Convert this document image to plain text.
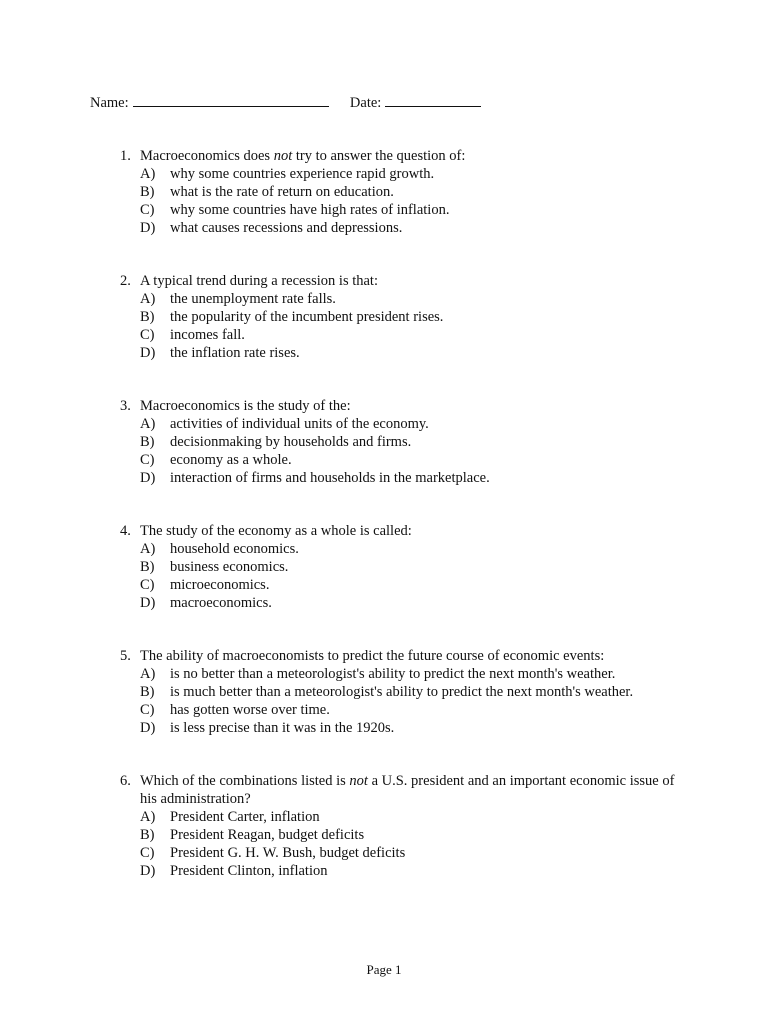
Name:	Date:
1. Macroeconomics does not try to answer the question of:
A)	why some countries experience rapid growth.
B)	what is the rate of return on education.
C)	why some countries have high rates of inflation.
D)	what causes recessions and depressions.
2. A typical trend during a recession is that:
A)	the unemployment rate falls.
B)	the popularity of the incumbent president rises.
C)	incomes fall.
D)	the inflation rate rises.
3. Macroeconomics is the study of the:
A)	activities of individual units of the economy.
B)	decisionmaking by households and firms.
C)	economy as a whole.
D)	interaction of firms and households in the marketplace.
4. The study of the economy as a whole is called:
A)	household economics.
B)	business economics.
C)	microeconomics.
D)	macroeconomics.
5. The ability of macroeconomists to predict the future course of economic events:
A)	is no better than a meteorologist's ability to predict the next month's weather.
B)	is much better than a meteorologist's ability to predict the next month's weather.
C)	has gotten worse over time.
D)	is less precise than it was in the 1920s.
6. Which of the combinations listed is not a U.S. president and an important economic issue of his administration?
A)	President Carter, inflation
B)	President Reagan, budget deficits
C)	President G. H. W. Bush, budget deficits
D)	President Clinton, inflation
Page 1
